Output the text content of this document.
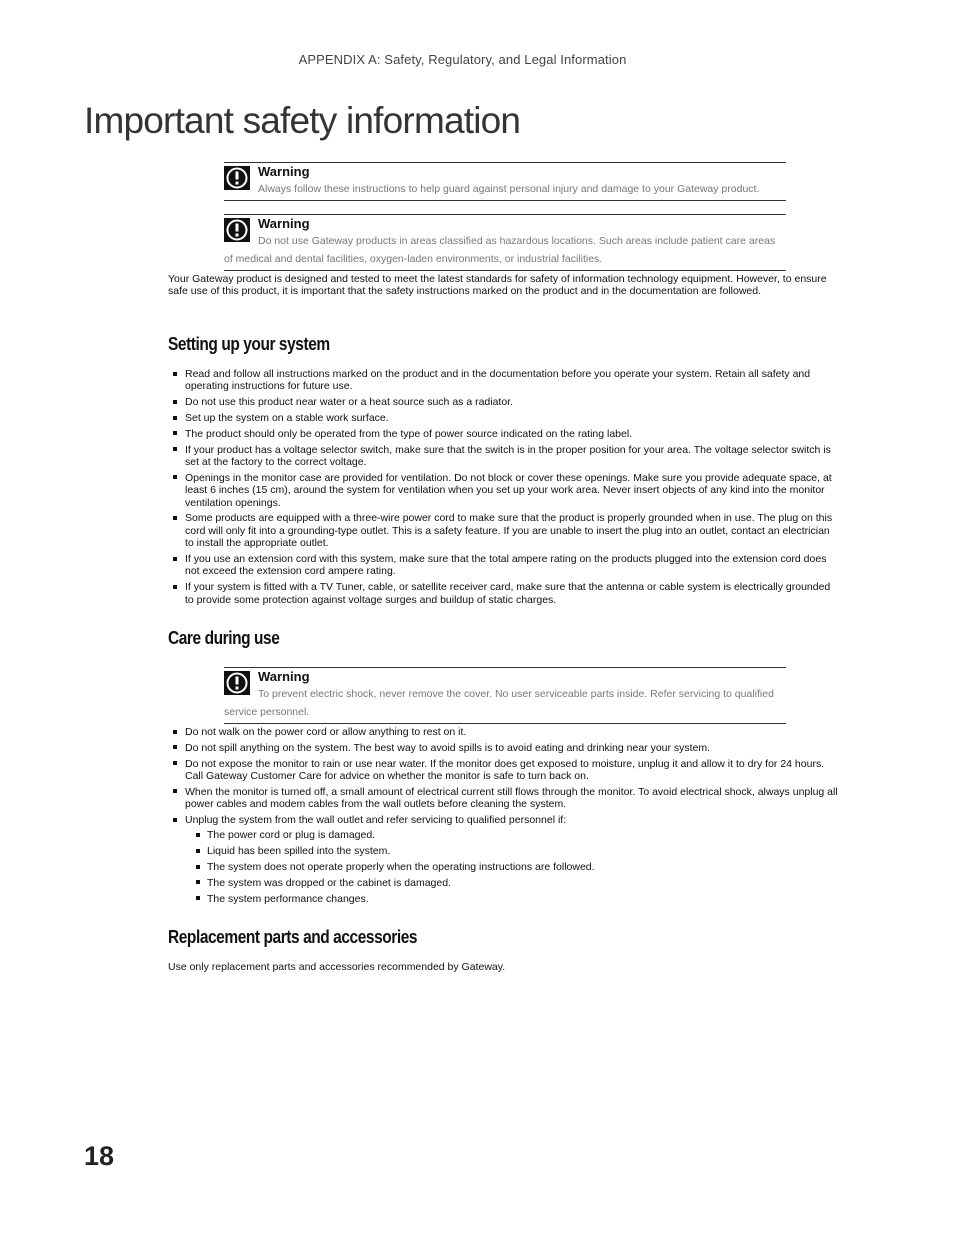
APPENDIX A: Safety, Regulatory, and Legal Information
Important safety information
Warning
Always follow these instructions to help guard against personal injury and damage to your Gateway product.
Warning
Do not use Gateway products in areas classified as hazardous locations. Such areas include patient care areas of medical and dental facilities, oxygen-laden environments, or industrial facilities.

Your Gateway product is designed and tested to meet the latest standards for safety of information technology equipment. However, to ensure safe use of this product, it is important that the safety instructions marked on the product and in the documentation are followed.

Setting up your system
Read and follow all instructions marked on the product and in the documentation before you operate your system. Retain all safety and operating instructions for future use.
Do not use this product near water or a heat source such as a radiator.
Set up the system on a stable work surface.
The product should only be operated from the type of power source indicated on the rating label.
If your product has a voltage selector switch, make sure that the switch is in the proper position for your area. The voltage selector switch is set at the factory to the correct voltage.
Openings in the monitor case are provided for ventilation. Do not block or cover these openings. Make sure you provide adequate space, at least 6 inches (15 cm), around the system for ventilation when you set up your work area. Never insert objects of any kind into the monitor ventilation openings.
Some products are equipped with a three-wire power cord to make sure that the product is properly grounded when in use. The plug on this cord will only fit into a grounding-type outlet. This is a safety feature. If you are unable to insert the plug into an outlet, contact an electrician to install the appropriate outlet.
If you use an extension cord with this system, make sure that the total ampere rating on the products plugged into the extension cord does not exceed the extension cord ampere rating.
If your system is fitted with a TV Tuner, cable, or satellite receiver card, make sure that the antenna or cable system is electrically grounded to provide some protection against voltage surges and buildup of static charges.
Care during use
Warning
To prevent electric shock, never remove the cover. No user serviceable parts inside. Refer servicing to qualified service personnel.
Do not walk on the power cord or allow anything to rest on it.
Do not spill anything on the system. The best way to avoid spills is to avoid eating and drinking near your system.
Do not expose the monitor to rain or use near water. If the monitor does get exposed to moisture, unplug it and allow it to dry for 24 hours. Call Gateway Customer Care for advice on whether the monitor is safe to turn back on.
When the monitor is turned off, a small amount of electrical current still flows through the monitor. To avoid electrical shock, always unplug all power cables and modem cables from the wall outlets before cleaning the system.
Unplug the system from the wall outlet and refer servicing to qualified personnel if:
The power cord or plug is damaged.
Liquid has been spilled into the system.
The system does not operate properly when the operating instructions are followed.
The system was dropped or the cabinet is damaged.
The system performance changes.
Replacement parts and accessories

Use only replacement parts and accessories recommended by Gateway.

18
